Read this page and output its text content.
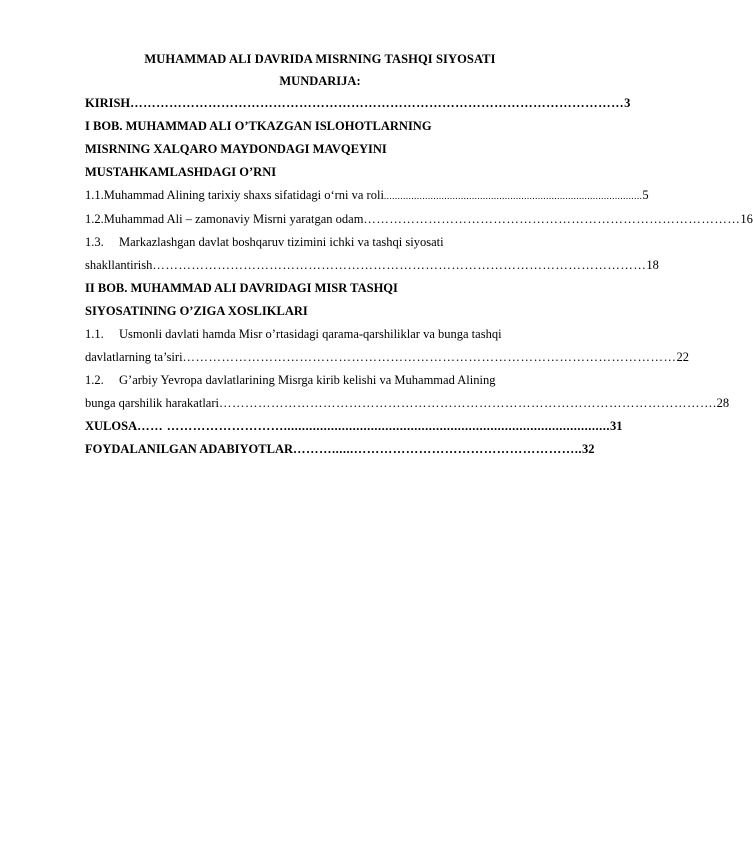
MUHAMMAD ALI DAVRIDA MISRNING TASHQI SIYOSATI
MUNDARIJA:
KIRISH …………………………………………………………………………………………………… 3
I BOB. MUHAMMAD ALI O’TKAZGAN ISLOHOTLARNING
MISRNING XALQARO MAYDONDAGI MAVQEYINI
MUSTAHKAMLASHDAGI O’RNI
1.1. Muhammad Alining tarixiy shaxs sifatidagi o‘rni va roli .............................................................................................. 5
1.2. Muhammad Ali – zamonaviy Misrni yaratgan odam …………………………………………………………………………… 16
1.3. Markazlashgan davlat boshqaruv tizimini ichki va tashqi siyosati
shakllantirish …………………………………………………………………………………………………… 18
II BOB. MUHAMMAD ALI DAVRIDAGI MISR TASHQI
SIYOSATINING O’ZIGA XOSLIKLARI
1.1. Usmonli davlati hamda Misr o’rtasidagi qarama-qarshiliklar va bunga tashqi
davlatlarning ta’siri …………………………………………………………………………………………………… 22
1.2. G’arbiy Yevropa davlatlarining Misrga kirib kelishi va Muhammad Alining
bunga qarshilik harakatlari ……………………………………………………………………………………………………. 28
XULOSA …… ……………………….......................................................................................... 31
FOYDALANILGAN ADABIYOTLAR ………......…………………………………………….. 32
